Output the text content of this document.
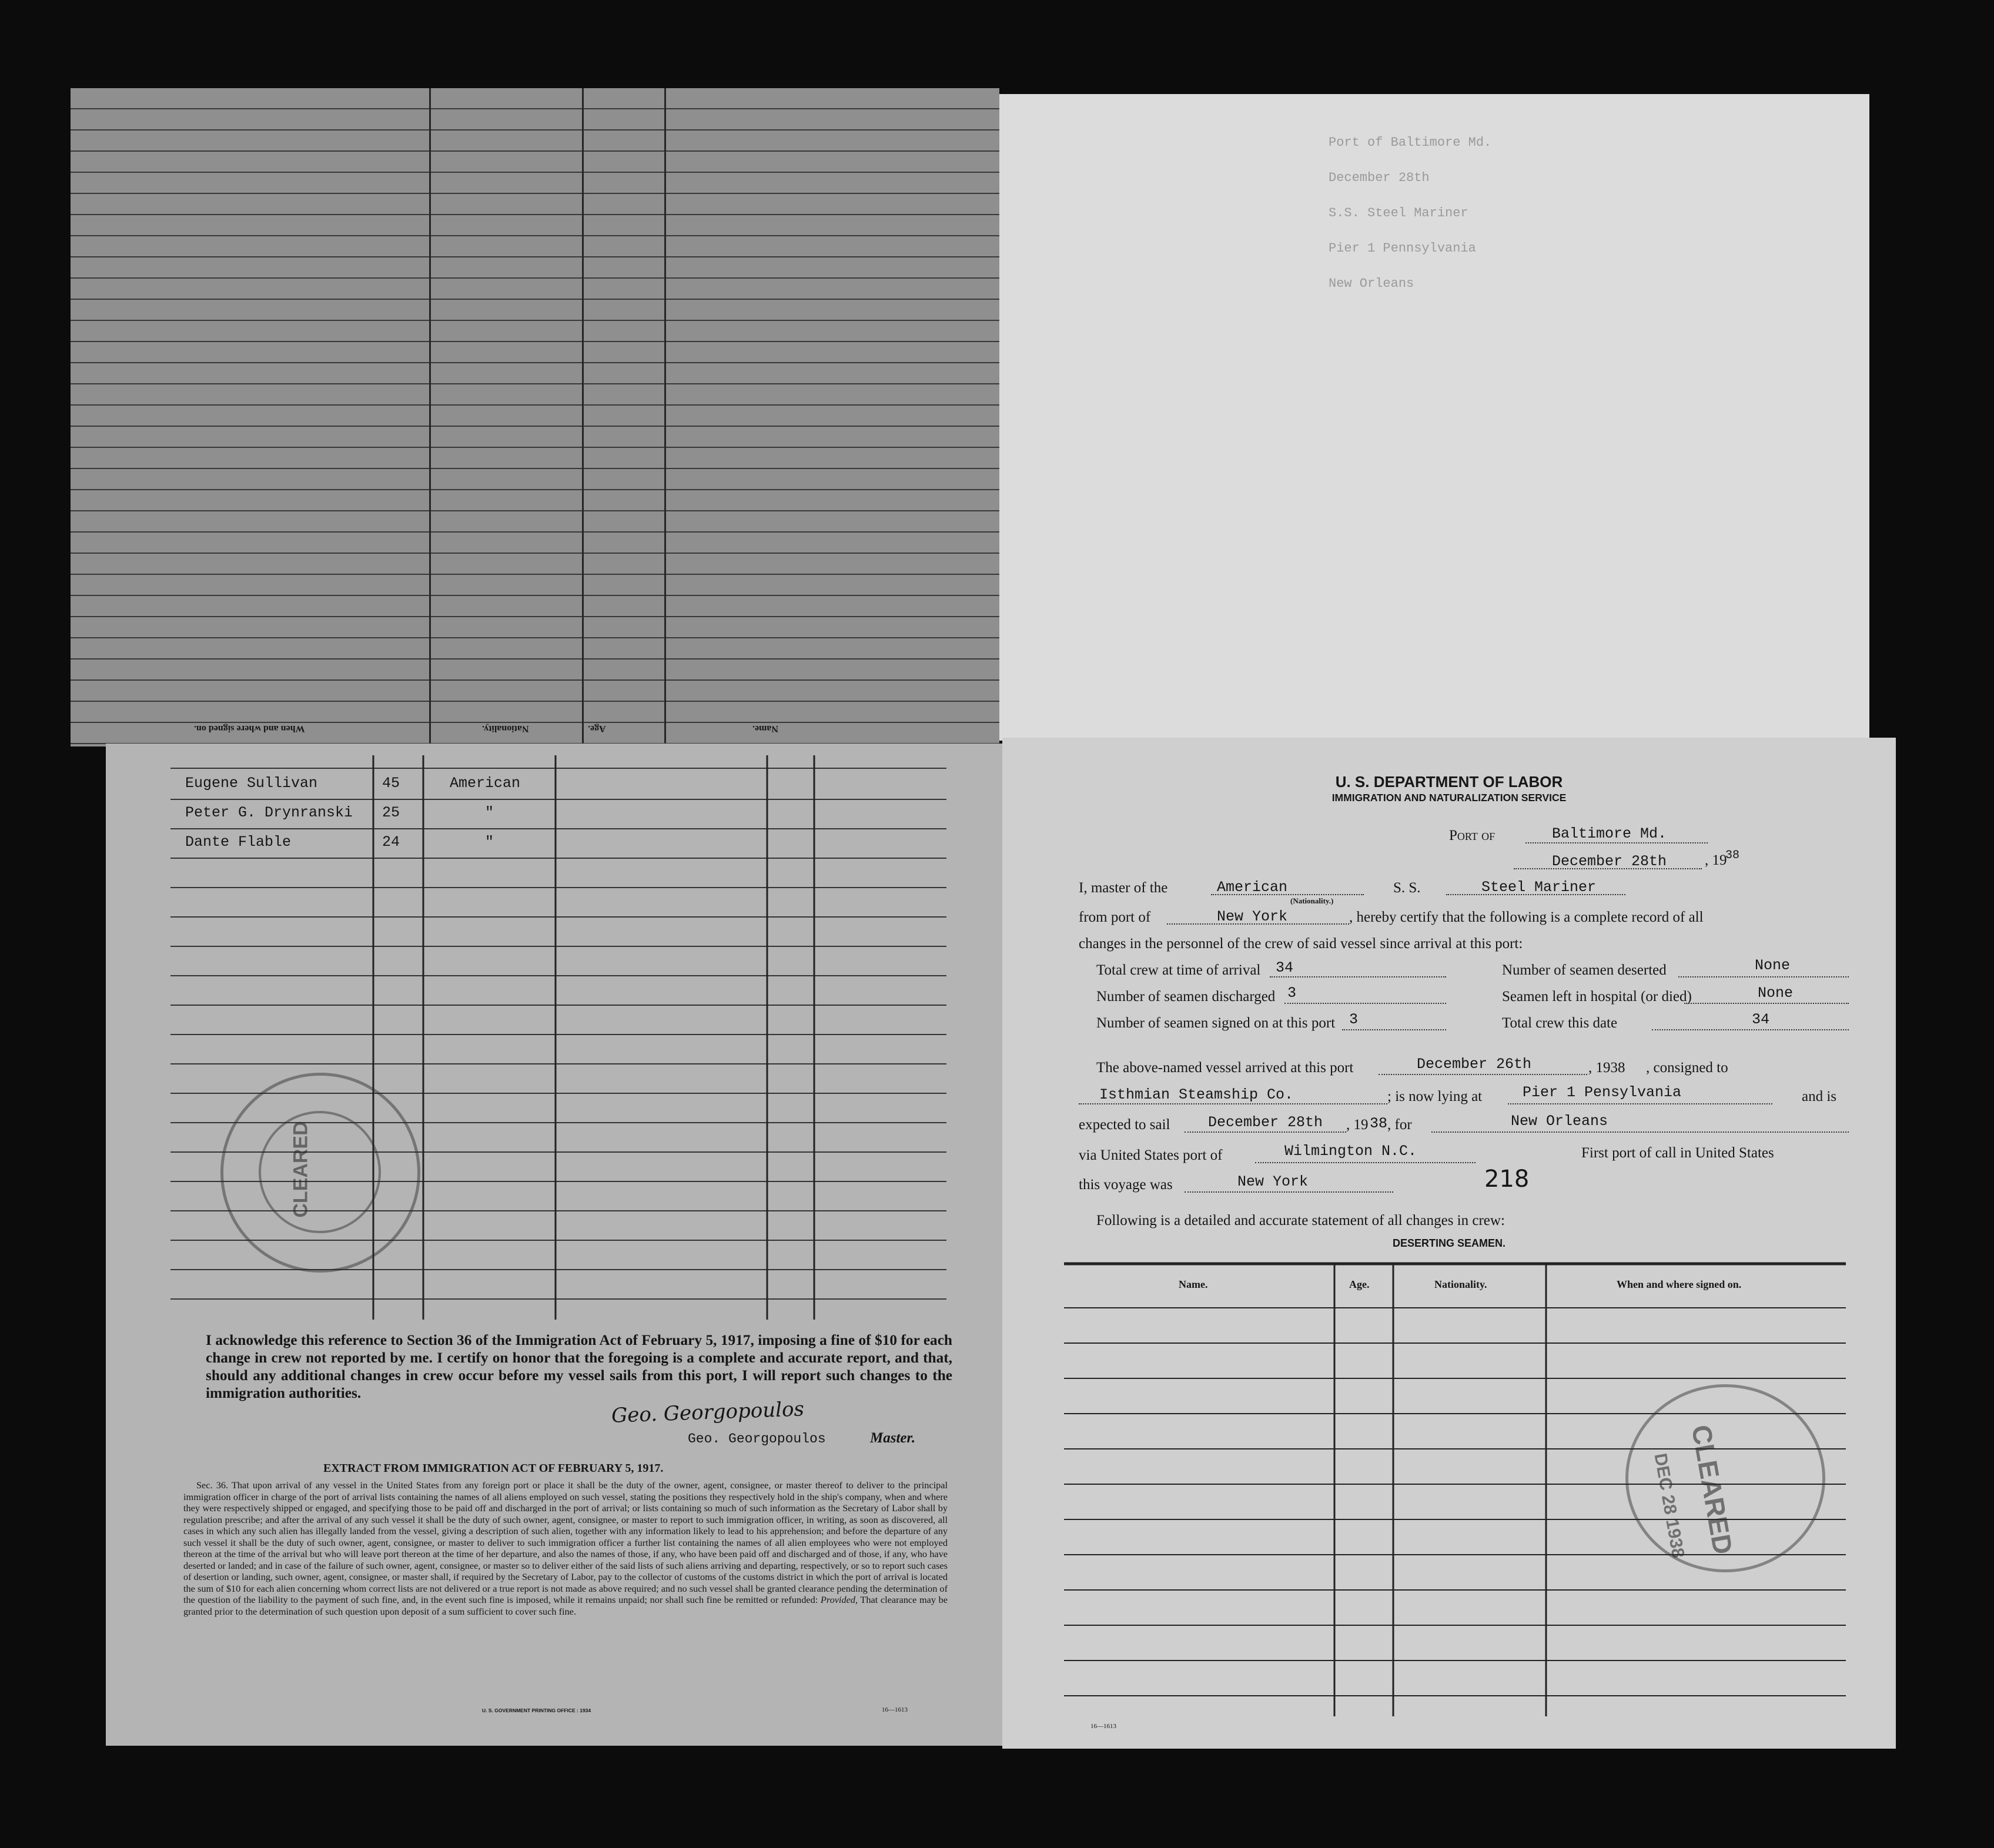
When and where signed on.	Nationality.	Age.	Name.
Port of Baltimore Md.
December 28th
S.S. Steel Mariner
Pier 1 Pennsylvania
New Orleans
Eugene Sullivan	45	American
Peter G. Drynranski 25	"
Dante Flable	24	"
CLEARED
I acknowledge this reference to Section 36 of the Immigration Act of February 5, 1917, imposing a fine of $10 for each change in crew not reported by me. I certify on honor that the foregoing is a complete and accurate report, and that, should any additional changes in crew occur before my vessel sails from this port, I will report such changes to the immigration authorities.
Geo. Georgopoulos
Geo. Georgopoulos	Master.
EXTRACT FROM IMMIGRATION ACT OF FEBRUARY 5, 1917.
Sec. 36. That upon arrival of any vessel in the United States from any foreign port or place it shall be the duty of the owner, agent, consignee, or master thereof to deliver to the principal immigration officer in charge of the port of arrival lists containing the names of all aliens employed on such vessel, stating the positions they respectively hold in the ship's company, when and where they were respectively shipped or engaged, and specifying those to be paid off and discharged in the port of arrival; or lists containing so much of such information as the Secretary of Labor shall by regulation prescribe; and after the arrival of any such vessel it shall be the duty of such owner, agent, consignee, or master to report to such immigration officer, in writing, as soon as discovered, all cases in which any such alien has illegally landed from the vessel, giving a description of such alien, together with any information likely to lead to his apprehension; and before the departure of any such vessel it shall be the duty of such owner, agent, consignee, or master to deliver to such immigration officer a further list containing the names of all alien employees who were not employed thereon at the time of the arrival but who will leave port thereon at the time of her departure, and also the names of those, if any, who have been paid off and discharged and of those, if any, who have deserted or landed; and in case of the failure of such owner, agent, consignee, or master so to deliver either of the said lists of such aliens arriving and departing, respectively, or so to report such cases of desertion or landing, such owner, agent, consignee, or master shall, if required by the Secretary of Labor, pay to the collector of customs of the customs district in which the port of arrival is located the sum of $10 for each alien concerning whom correct lists are not delivered or a true report is not made as above required; and no such vessel shall be granted clearance pending the determination of the question of the liability to the payment of such fine, and, in the event such fine is imposed, while it remains unpaid; nor shall such fine be remitted or refunded: Provided, That clearance may be granted prior to the determination of such question upon deposit of a sum sufficient to cover such fine.
U. S. GOVERNMENT PRINTING OFFICE : 1934	16—1613
U. S. DEPARTMENT OF LABOR
IMMIGRATION AND NATURALIZATION SERVICE
Port of	Baltimore Md.
December 28th	, 19
38
I, master of the	American
(Nationality.)
S. S.	Steel Mariner
from port of	New York	, hereby certify that the following is a complete record of all
changes in the personnel of the crew of said vessel since arrival at this port:
Total crew at time of arrival 34
Number of seamen discharged 3
Number of seamen signed on at this port 3
Number of seamen deserted	None
Seamen left in hospital (or died)	None
Total crew this date	34
The above-named vessel arrived at this port	December 26th	, 1938 , consigned to
Isthmian Steamship Co.	; is now lying at	Pier 1 Pensylvania	and is
expected to sail	December 28th , 19 38 , for	New Orleans
via United States port of	Wilmington N.C.	First port of call in United States
this voyage was	New York	218
Following is a detailed and accurate statement of all changes in crew:
DESERTING SEAMEN.
Name.	Age.	Nationality.	When and where signed on.
CLEARED
DEC 28 1938
16—1613
